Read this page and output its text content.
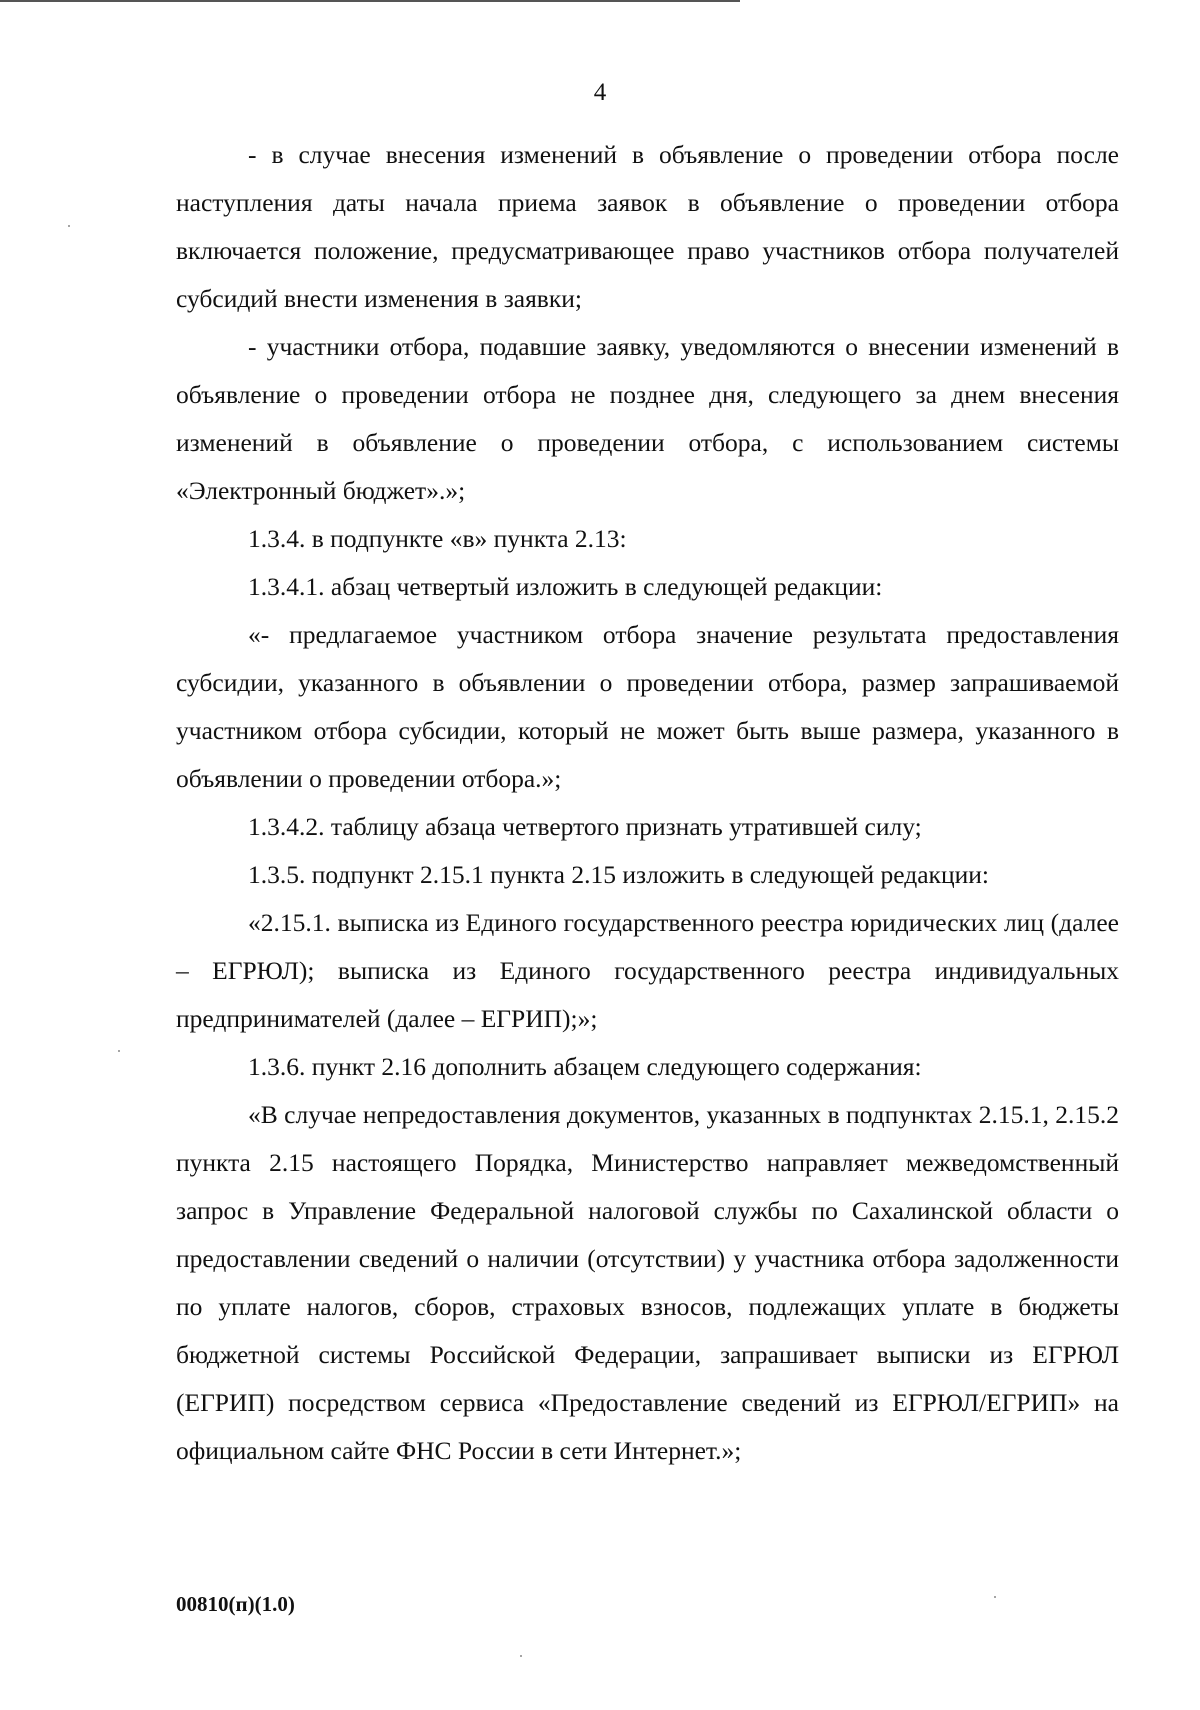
4

- в случае внесения изменений в объявление о проведении отбора после наступления даты начала приема заявок в объявление о проведении отбора включается положение, предусматривающее право участников отбора получателей субсидий внести изменения в заявки;

- участники отбора, подавшие заявку, уведомляются о внесении изменений в объявление о проведении отбора не позднее дня, следующего за днем внесения изменений в объявление о проведении отбора, с использованием системы «Электронный бюджет».»;

1.3.4. в подпункте «в» пункта 2.13:

1.3.4.1. абзац четвертый изложить в следующей редакции:

«- предлагаемое участником отбора значение результата предоставления субсидии, указанного в объявлении о проведении отбора, размер запрашиваемой участником отбора субсидии, который не может быть выше размера, указанного в объявлении о проведении отбора.»;

1.3.4.2. таблицу абзаца четвертого признать утратившей силу;

1.3.5. подпункт 2.15.1 пункта 2.15 изложить в следующей редакции:

«2.15.1. выписка из Единого государственного реестра юридических лиц (далее – ЕГРЮЛ); выписка из Единого государственного реестра индивидуальных предпринимателей (далее – ЕГРИП);»;

1.3.6. пункт 2.16 дополнить абзацем следующего содержания:

«В случае непредоставления документов, указанных в подпунктах 2.15.1, 2.15.2 пункта 2.15 настоящего Порядка, Министерство направляет межведомственный запрос в Управление Федеральной налоговой службы по Сахалинской области о предоставлении сведений о наличии (отсутствии) у участника отбора задолженности по уплате налогов, сборов, страховых взносов, подлежащих уплате в бюджеты бюджетной системы Российской Федерации, запрашивает выписки из ЕГРЮЛ (ЕГРИП) посредством сервиса «Предоставление сведений из ЕГРЮЛ/ЕГРИП» на официальном сайте ФНС России в сети Интернет.»;

00810(п)(1.0)
